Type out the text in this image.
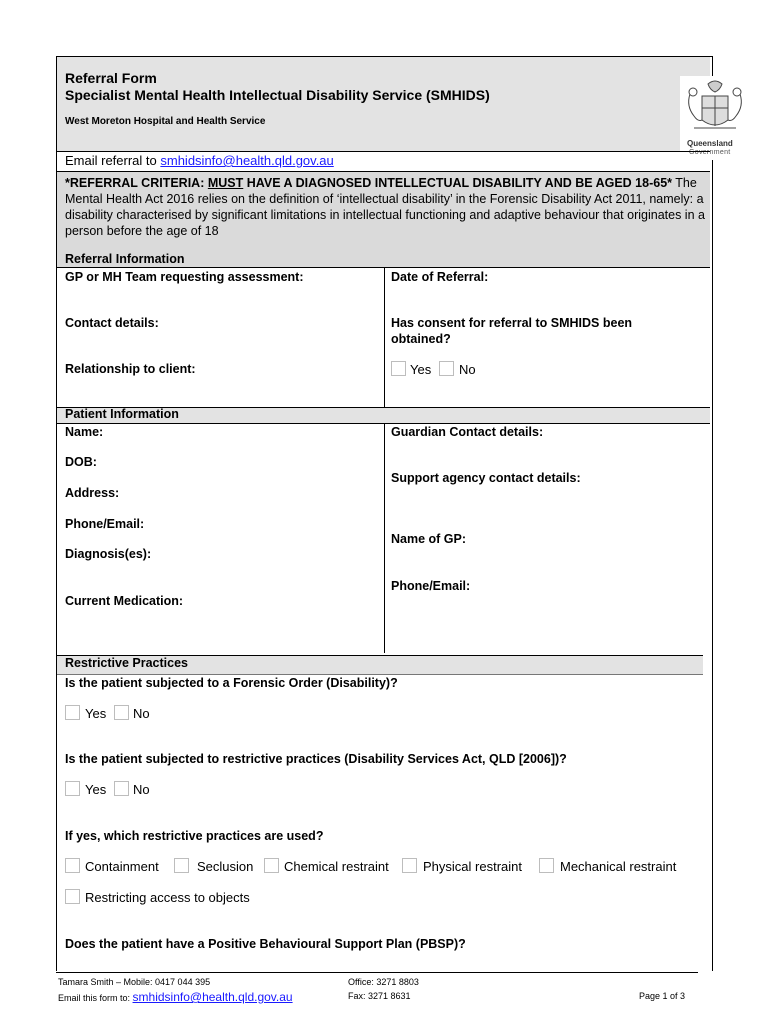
Referral Form
Specialist Mental Health Intellectual Disability Service (SMHIDS)
West Moreton Hospital and Health Service
Queensland
Government
Email referral to smhidsinfo@health.qld.gov.au

*REFERRAL CRITERIA: MUST HAVE A DIAGNOSED INTELLECTUAL DISABILITY AND BE AGED 18-65* The Mental Health Act 2016 relies on the definition of ‘intellectual disability’ in the Forensic Disability Act 2011, namely: a disability characterised by significant limitations in intellectual functioning and adaptive behaviour that originates in a person before the age of 18

Referral Information
GP or MH Team requesting assessment:	Date of Referral:
Contact details:	Has consent for referral to SMHIDS been obtained?
Relationship to client:	Yes No
Patient Information
Name:
DOB:
Address:
Phone/Email:
Diagnosis(es):
Current Medication:
Guardian Contact details:
Support agency contact details:
Name of GP:
Phone/Email:
Restrictive Practices
Is the patient subjected to a Forensic Order (Disability)?
Yes No
Is the patient subjected to restrictive practices (Disability Services Act, QLD [2006])?
Yes No
If yes, which restrictive practices are used?
Containment	Seclusion Chemical restraint	Physical restraint	Mechanical restraint
Restricting access to objects
Does the patient have a Positive Behavioural Support Plan (PBSP)?
Tamara Smith – Mobile: 0417 044 395
Email this form to: smhidsinfo@health.qld.gov.au
Office: 3271 8803
Fax: 3271 8631	Page 1 of 3
